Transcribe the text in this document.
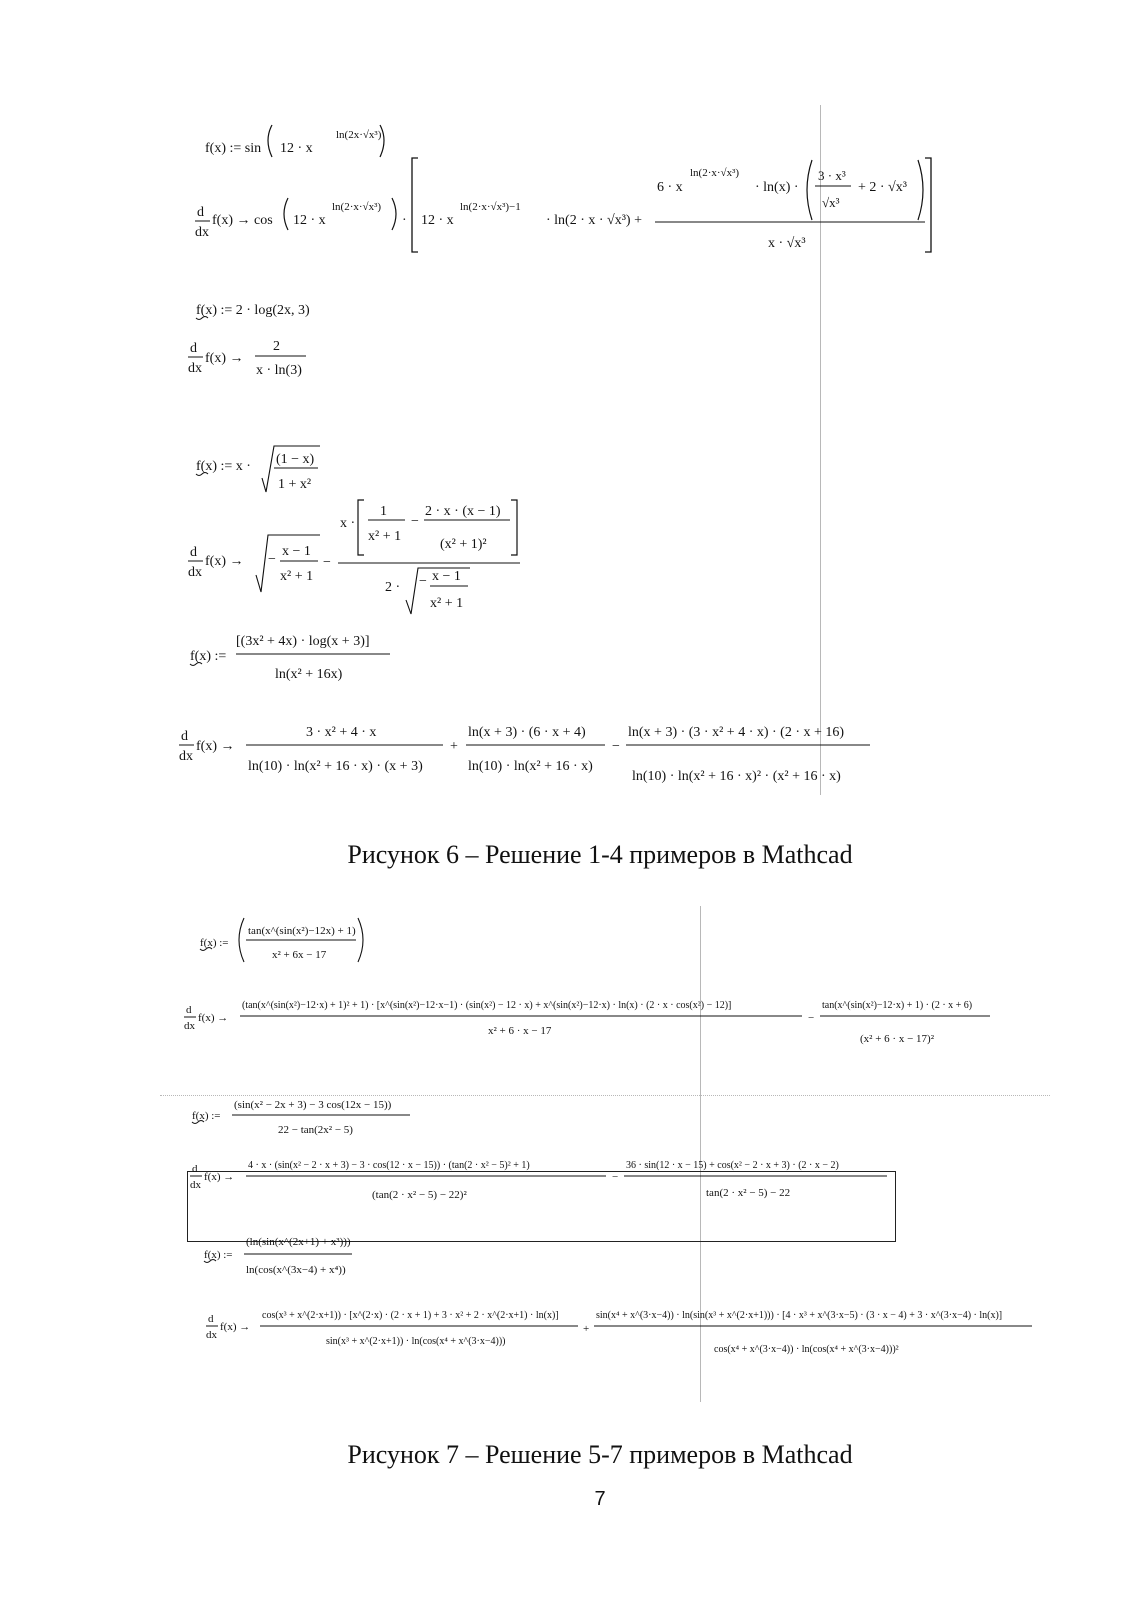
f(x) := sin 12 · x
ln(2x·√x³)
d
dx
f(x) → cos 12 · x
ln(2·x·√x³)
· 12 · x
ln(2·x·√x³)−1
· ln(2 · x · √x³) +
6 · x
ln(2·x·√x³)
· ln(x) ·
3 · x³
√x³
+ 2 · √x³
x · √x³
f(x) := 2 · log(2x, 3)
d
dx
f(x) →
2
x · ln(3)
f(x) := x · (1 − x)
1 + x²
d
dx
f(x) → −
x − 1
x² + 1
−
x ·
1
x² + 1
−
2 · x · (x − 1)
(x² + 1)²
2 · − x − 1
x² + 1
f(x) :=
[(3x² + 4x) · log(x + 3)]
ln(x² + 16x)
d
dx
f(x) →
3 · x² + 4 · x
ln(10) · ln(x² + 16 · x) · (x + 3)
+
ln(x + 3) · (6 · x + 4)
ln(10) · ln(x² + 16 · x)
−
ln(x + 3) · (3 · x² + 4 · x) · (2 · x + 16)
ln(10) · ln(x² + 16 · x)² · (x² + 16 · x)
Рисунок 6 – Решение 1-4 примеров в Mathcad
f(x) :=
tan(x^(sin(x²)−12x) + 1)
x² + 6x − 17
d
dx
f(x) →
(tan(x^(sin(x²)−12·x) + 1)² + 1) · [x^(sin(x²)−12·x−1) · (sin(x²) − 12 · x) + x^(sin(x²)−12·x) · ln(x) · (2 · x · cos(x²) − 12)]
x² + 6 · x − 17
−
tan(x^(sin(x²)−12·x) + 1) · (2 · x + 6)
(x² + 6 · x − 17)²
f(x) :=
(sin(x² − 2x + 3) − 3 cos(12x − 15))
22 − tan(2x² − 5)
d
dx
f(x) →
4 · x · (sin(x² − 2 · x + 3) − 3 · cos(12 · x − 15)) · (tan(2 · x² − 5)² + 1)
(tan(2 · x² − 5) − 22)²
−
36 · sin(12 · x − 15) + cos(x² − 2 · x + 3) · (2 · x − 2)
tan(2 · x² − 5) − 22
f(x) :=
(ln(sin(x^(2x+1) + x³)))
ln(cos(x^(3x−4) + x⁴))
d
dx
f(x) →
cos(x³ + x^(2·x+1)) · [x^(2·x) · (2 · x + 1) + 3 · x² + 2 · x^(2·x+1) · ln(x)]
sin(x³ + x^(2·x+1)) · ln(cos(x⁴ + x^(3·x−4)))
+
sin(x⁴ + x^(3·x−4)) · ln(sin(x³ + x^(2·x+1))) · [4 · x³ + x^(3·x−5) · (3 · x − 4) + 3 · x^(3·x−4) · ln(x)]
cos(x⁴ + x^(3·x−4)) · ln(cos(x⁴ + x^(3·x−4)))²
Рисунок 7 – Решение 5-7 примеров в Mathcad
7
